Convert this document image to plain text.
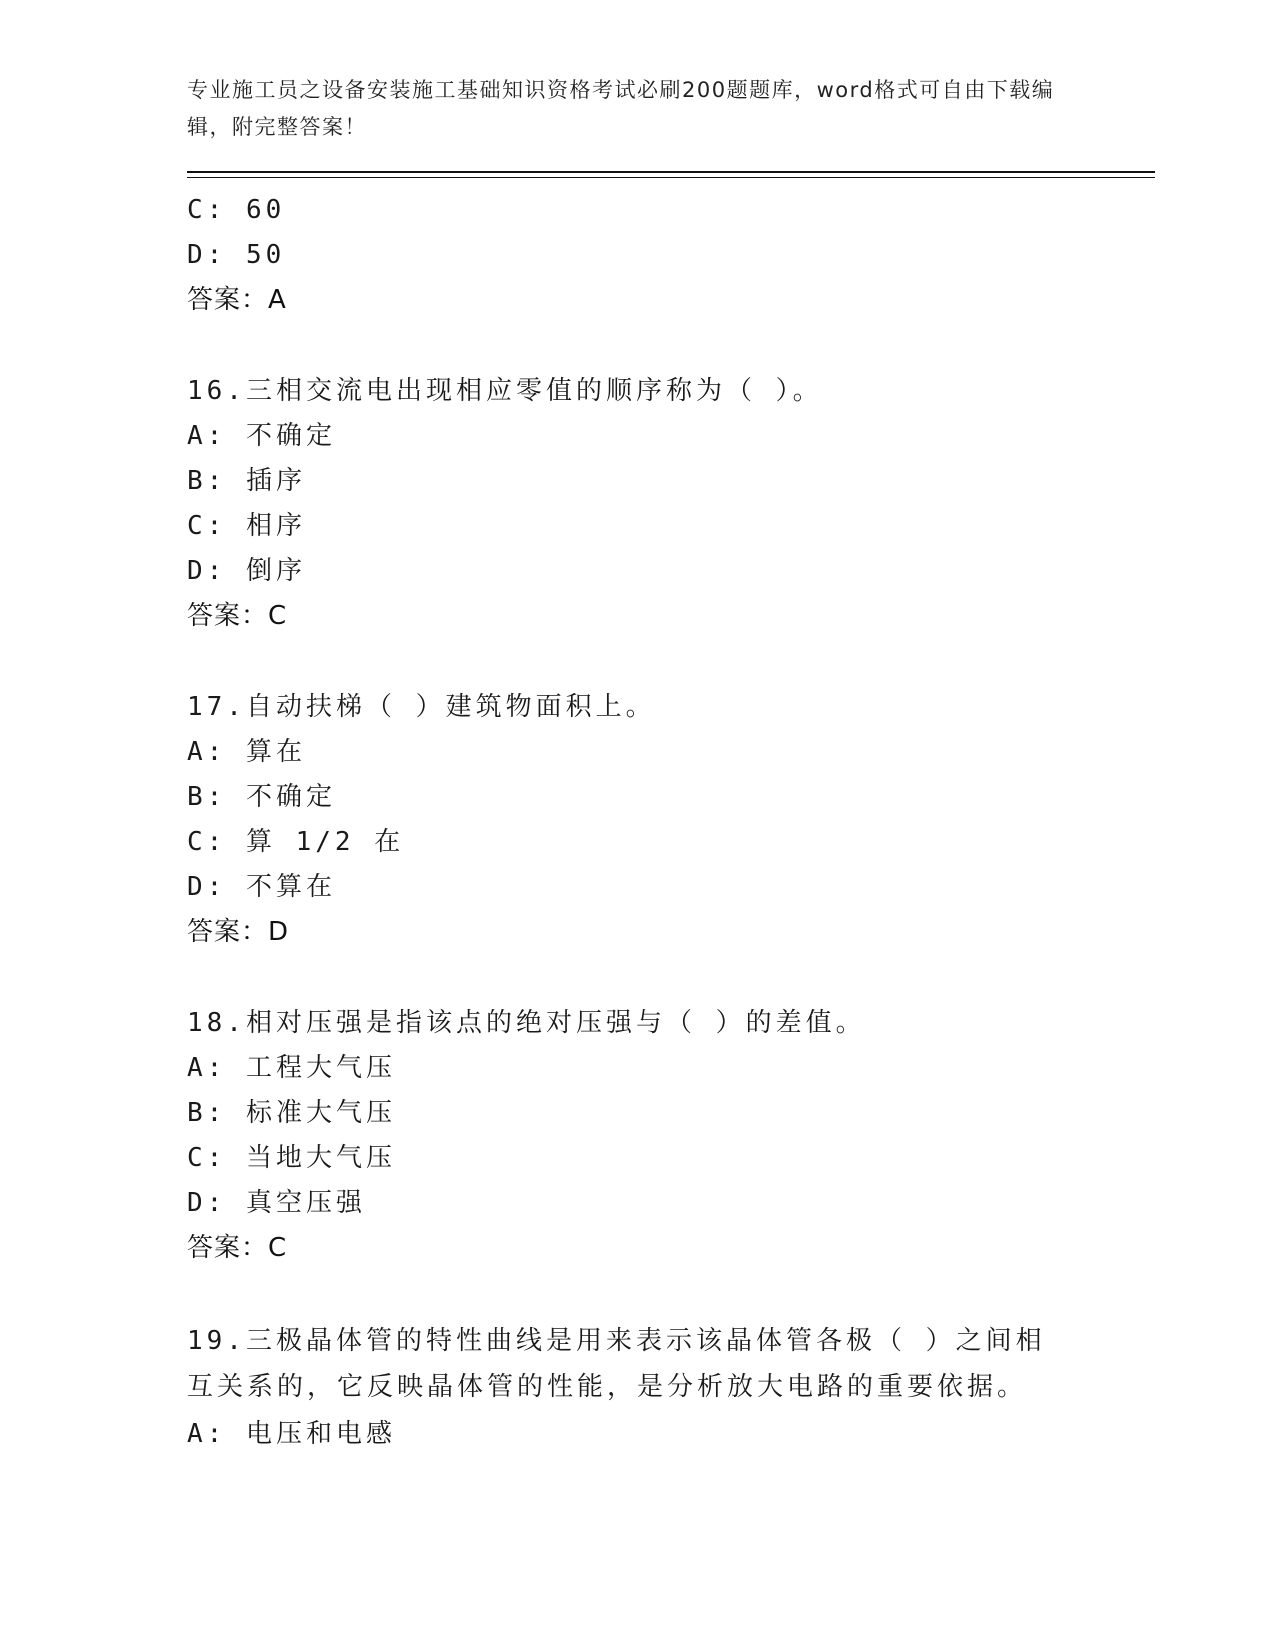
专业施工员之设备安装施工基础知识资格考试必刷200题题库，word格式可自由下载编辑，附完整答案！
C: 60
D: 50
答案：A
16.三相交流电出现相应零值的顺序称为（ ）。
A: 不确定
B: 插序
C: 相序
D: 倒序
答案：C
17.自动扶梯（ ）建筑物面积上。
A: 算在
B: 不确定
C: 算 1/2 在
D: 不算在
答案：D
18.相对压强是指该点的绝对压强与（ ）的差值。
A: 工程大气压
B: 标准大气压
C: 当地大气压
D: 真空压强
答案：C
19.三极晶体管的特性曲线是用来表示该晶体管各极（ ）之间相互关系的，它反映晶体管的性能，是分析放大电路的重要依据。
A: 电压和电感
